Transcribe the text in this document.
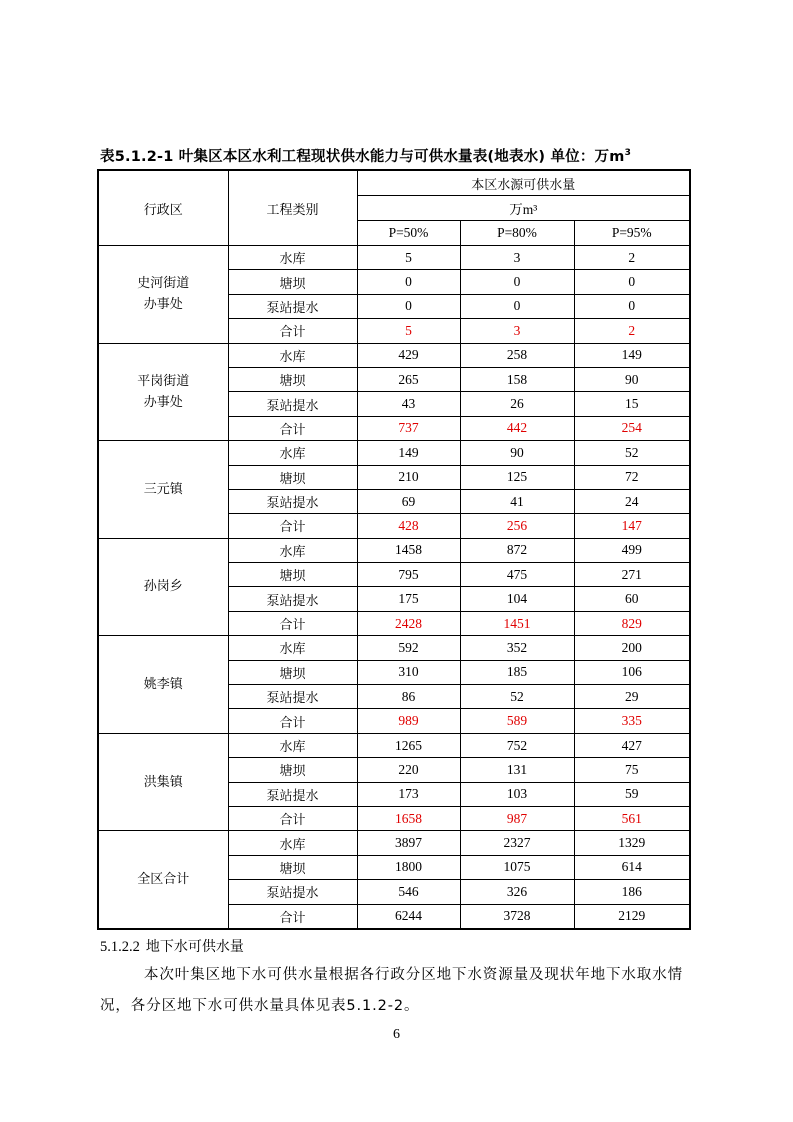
表5.1.2-1 叶集区本区水利工程现状供水能力与可供水量表(地表水) 单位：万$m^3$
行政区	工程类别	本区水源可供水量		
		万m³		
		P=50%	P=80%	P=95%
史河街道
办事处	水库	5	3	2
	塘坝	0	0	0
	泵站提水	0	0	0
	合计	5	3	2
平岗街道
办事处	水库	429	258	149
	塘坝	265	158	90
	泵站提水	43	26	15
	合计	737	442	254
三元镇	水库	149	90	52
	塘坝	210	125	72
	泵站提水	69	41	24
	合计	428	256	147
孙岗乡	水库	1458	872	499
	塘坝	795	475	271
	泵站提水	175	104	60
	合计	2428	1451	829
姚李镇	水库	592	352	200
	塘坝	310	185	106
	泵站提水	86	52	29
	合计	989	589	335
洪集镇	水库	1265	752	427
	塘坝	220	131	75
	泵站提水	173	103	59
	合计	1658	987	561
全区合计	水库	3897	2327	1329
	塘坝	1800	1075	614
	泵站提水	546	326	186
	合计	6244	3728	2129
5.1.2.2 地下水可供水量
本次叶集区地下水可供水量根据各行政分区地下水资源量及现状年地下水取水情况，各分区地下水可供水量具体见表5.1.2-2。
6
